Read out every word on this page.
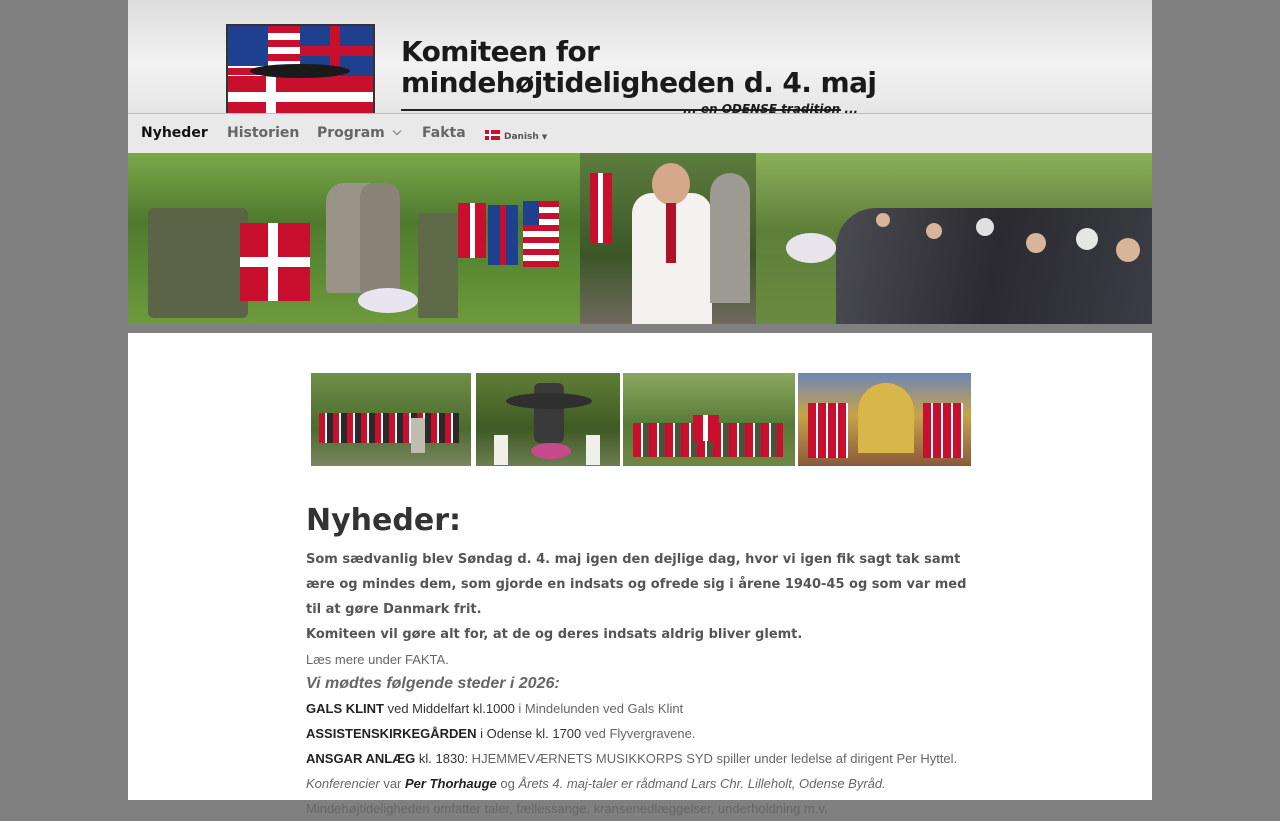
Komiteen for
mindehøjtideligheden d. 4. maj
... en ODENSE tradition ...
Nyheder Historien Program	Fakta	Danish ▼
Nyheder:

Som sædvanlig blev Søndag d. 4. maj igen den dejlige dag, hvor vi igen fik sagt tak samt ære og mindes dem, som gjorde en indsats og ofrede sig i årene 1940-45 og som var med til at gøre Danmark frit.
Komiteen vil gøre alt for, at de og deres indsats aldrig bliver glemt.

Læs mere under FAKTA.

Vi mødtes følgende steder i 2026:

GALS KLINT ved Middelfart kl.1000 i Mindelunden ved Gals Klint

ASSISTENSKIRKEGÅRDEN i Odense kl. 1700 ved Flyvergravene.

ANSGAR ANLÆG kl. 1830: HJEMMEVÆRNETS MUSIKKORPS SYD spiller under ledelse af dirigent Per Hyttel.

Konferencier var Per Thorhauge og Årets 4. maj-taler er rådmand Lars Chr. Lilleholt, Odense Byråd.

Mindehøjtideligheden omfatter taler, fællessange, kransenedlæggelser, underholdning m.v.
